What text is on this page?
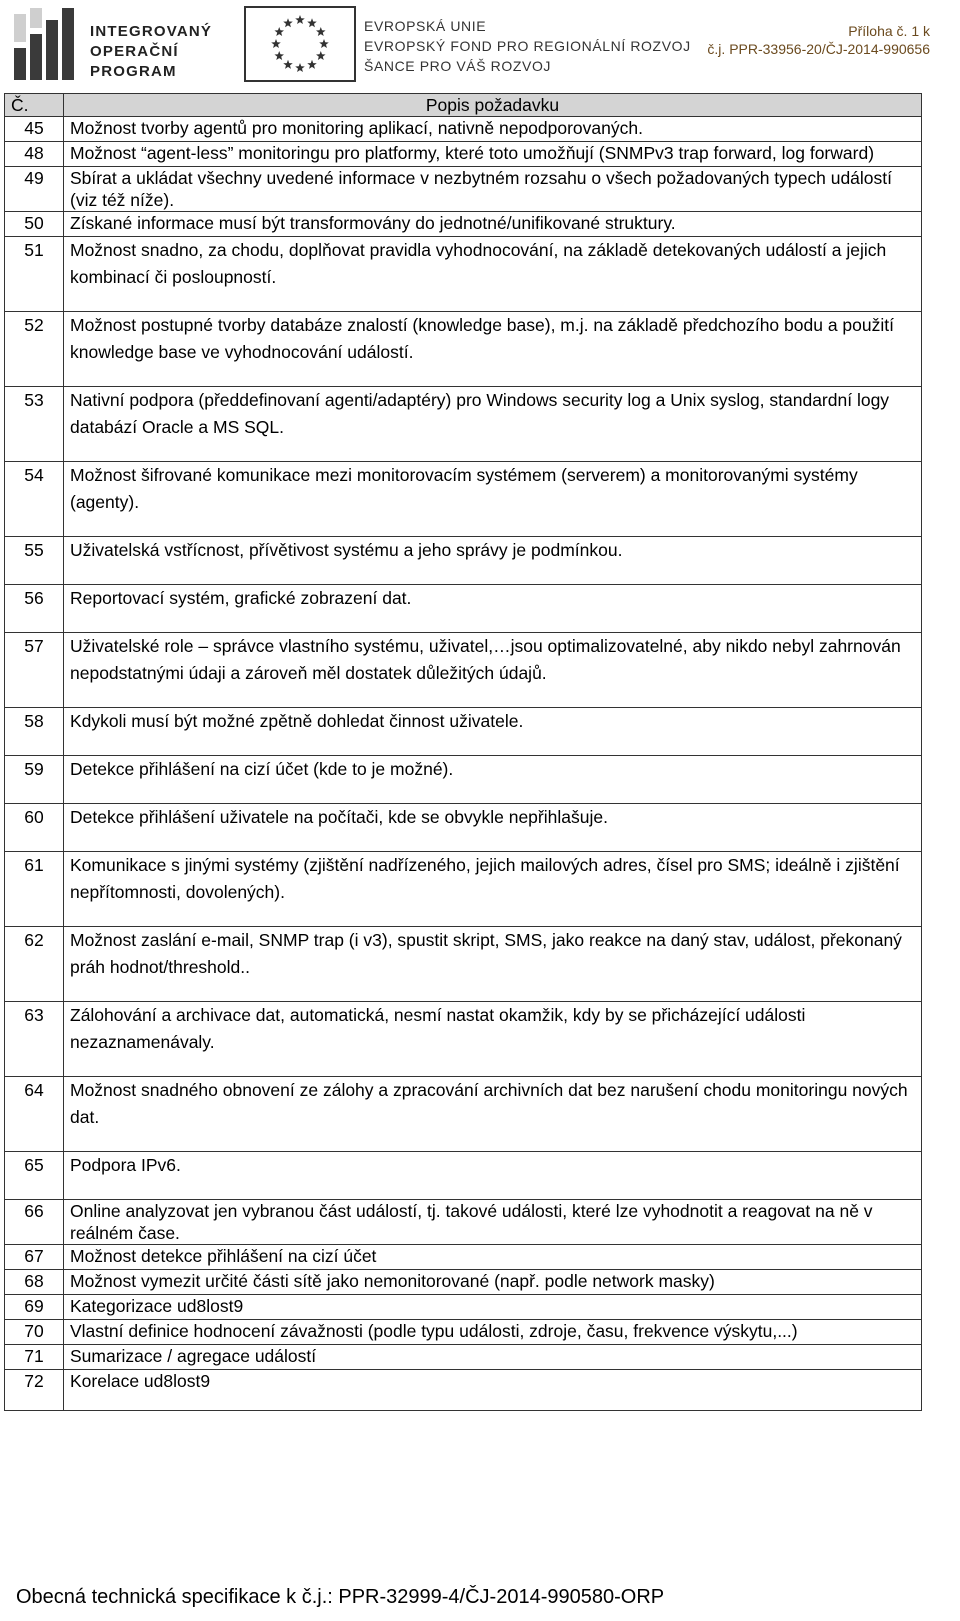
INTEGROVANÝ
OPERAČNÍ
PROGRAM
EVROPSKÁ UNIE
EVROPSKÝ FOND PRO REGIONÁLNÍ ROZVOJ
ŠANCE PRO VÁŠ ROZVOJ
Příloha č. 1 k
č.j. PPR-33956-20/ČJ-2014-990656
Č.	Popis požadavku
45	Možnost tvorby agentů pro monitoring aplikací, nativně nepodporovaných.
48	Možnost “agent-less” monitoringu pro platformy, které toto umožňují (SNMPv3 trap forward, log forward)
49	Sbírat a ukládat všechny uvedené informace v nezbytném rozsahu o všech požadovaných typech událostí (viz též níže).
50	Získané informace musí být transformovány do jednotné/unifikované struktury.
51	Možnost snadno, za chodu, doplňovat pravidla vyhodnocování, na základě detekovaných událostí a jejich kombinací či posloupností.
52	Možnost postupné tvorby databáze znalostí (knowledge base), m.j. na základě předchozího bodu a použití knowledge base ve vyhodnocování událostí.
53	Nativní podpora (předdefinovaní agenti/adaptéry) pro Windows security log a Unix syslog, standardní logy databází Oracle a MS SQL.
54	Možnost šifrované komunikace mezi monitorovacím systémem (serverem) a monitorovanými systémy (agenty).
55	Uživatelská vstřícnost, přívětivost systému a jeho správy je podmínkou.
56	Reportovací systém, grafické zobrazení dat.
57	Uživatelské role – správce vlastního systému, uživatel,…jsou optimalizovatelné, aby nikdo nebyl zahrnován nepodstatnými údaji a zároveň měl dostatek důležitých údajů.
58	Kdykoli musí být možné zpětně dohledat činnost uživatele.
59	Detekce přihlášení na cizí účet (kde to je možné).
60	Detekce přihlášení uživatele na počítači, kde se obvykle nepřihlašuje.
61	Komunikace s jinými systémy (zjištění nadřízeného, jejich mailových adres, čísel pro SMS; ideálně i zjištění nepřítomnosti, dovolených).
62	Možnost zaslání e-mail, SNMP trap (i v3), spustit skript, SMS, jako reakce na daný stav, událost, překonaný práh hodnot/threshold..
63	Zálohování a archivace dat, automatická, nesmí nastat okamžik, kdy by se přicházející události nezaznamenávaly.
64	Možnost snadného obnovení ze zálohy a zpracování archivních dat bez narušení chodu monitoringu nových dat.
65	Podpora IPv6.
66	Online analyzovat jen vybranou část událostí, tj. takové události, které lze vyhodnotit a reagovat na ně v reálném čase.
67	Možnost detekce přihlášení na cizí účet
68	Možnost vymezit určité části sítě jako nemonitorované (např. podle network masky)
69	Kategorizace ud8lost9
70	Vlastní definice hodnocení závažnosti (podle typu události, zdroje, času, frekvence výskytu,...)
71	Sumarizace / agregace událostí
72	Korelace ud8lost9
Obecná technická specifikace k č.j.: PPR-32999-4/ČJ-2014-990580-ORP
